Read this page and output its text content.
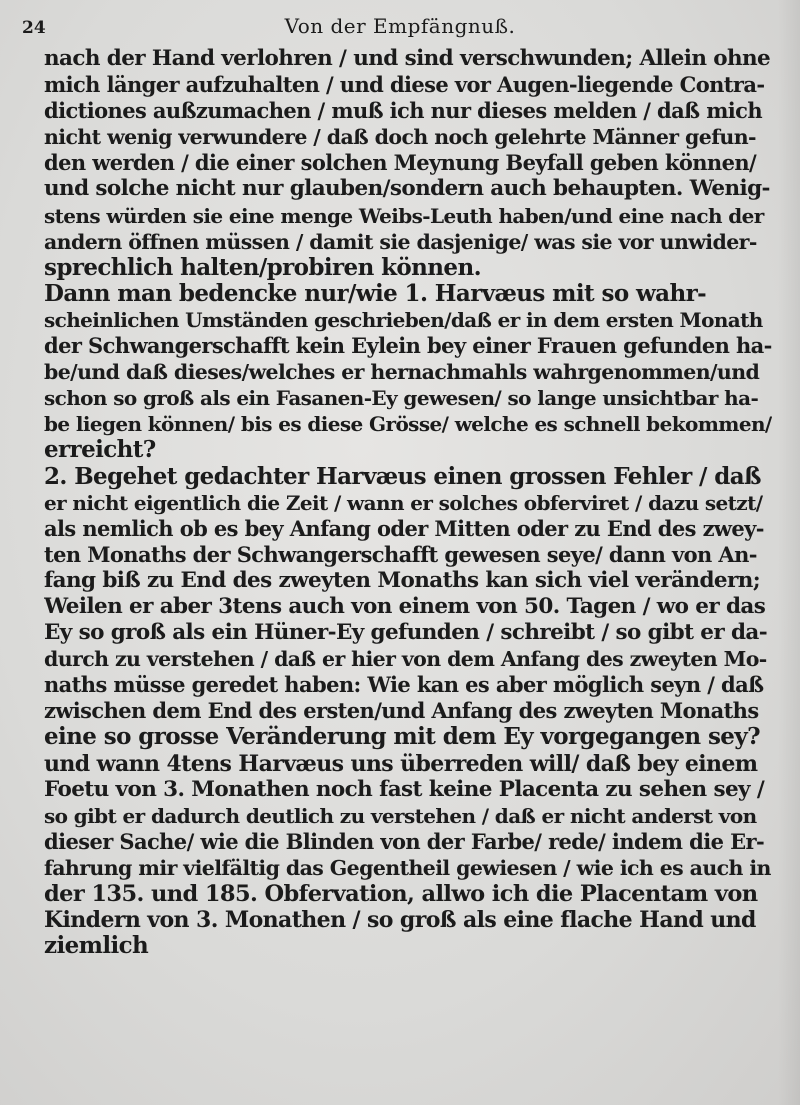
24	Von der Empfängnuß.
nach der Hand verlohren / und sind verschwunden; Allein ohne
mich länger aufzuhalten / und diese vor Augen-liegende Contra-
dictiones außzumachen / muß ich nur dieses melden / daß mich
nicht wenig verwundere / daß doch noch gelehrte Männer gefun-
den werden / die einer solchen Meynung Beyfall geben können/
und solche nicht nur glauben/sondern auch behaupten. Wenig-
stens würden sie eine menge Weibs-Leuth haben/und eine nach der
andern öffnen müssen / damit sie dasjenige/ was sie vor unwider-
sprechlich halten/probiren können.
Dann man bedencke nur/wie 1. Harvæus mit so wahr-
scheinlichen Umständen geschrieben/daß er in dem ersten Monath
der Schwangerschafft kein Eylein bey einer Frauen gefunden ha-
be/und daß dieses/welches er hernachmahls wahrgenommen/und
schon so groß als ein Fasanen-Ey gewesen/ so lange unsichtbar ha-
be liegen können/ bis es diese Grösse/ welche es schnell bekommen/
erreicht?
2. Begehet gedachter Harvæus einen grossen Fehler / daß
er nicht eigentlich die Zeit / wann er solches obferviret / dazu setzt/
als nemlich ob es bey Anfang oder Mitten oder zu End des zwey-
ten Monaths der Schwangerschafft gewesen seye/ dann von An-
fang biß zu End des zweyten Monaths kan sich viel verändern;
Weilen er aber 3tens auch von einem von 50. Tagen / wo er das
Ey so groß als ein Hüner-Ey gefunden / schreibt / so gibt er da-
durch zu verstehen / daß er hier von dem Anfang des zweyten Mo-
naths müsse geredet haben: Wie kan es aber möglich seyn / daß
zwischen dem End des ersten/und Anfang des zweyten Monaths
eine so grosse Veränderung mit dem Ey vorgegangen sey?
und wann 4tens Harvæus uns überreden will/ daß bey einem
Foetu von 3. Monathen noch fast keine Placenta zu sehen sey /
so gibt er dadurch deutlich zu verstehen / daß er nicht anderst von
dieser Sache/ wie die Blinden von der Farbe/ rede/ indem die Er-
fahrung mir vielfältig das Gegentheil gewiesen / wie ich es auch in
der 135. und 185. Obfervation, allwo ich die Placentam von
Kindern von 3. Monathen / so groß als eine flache Hand und
ziemlich
